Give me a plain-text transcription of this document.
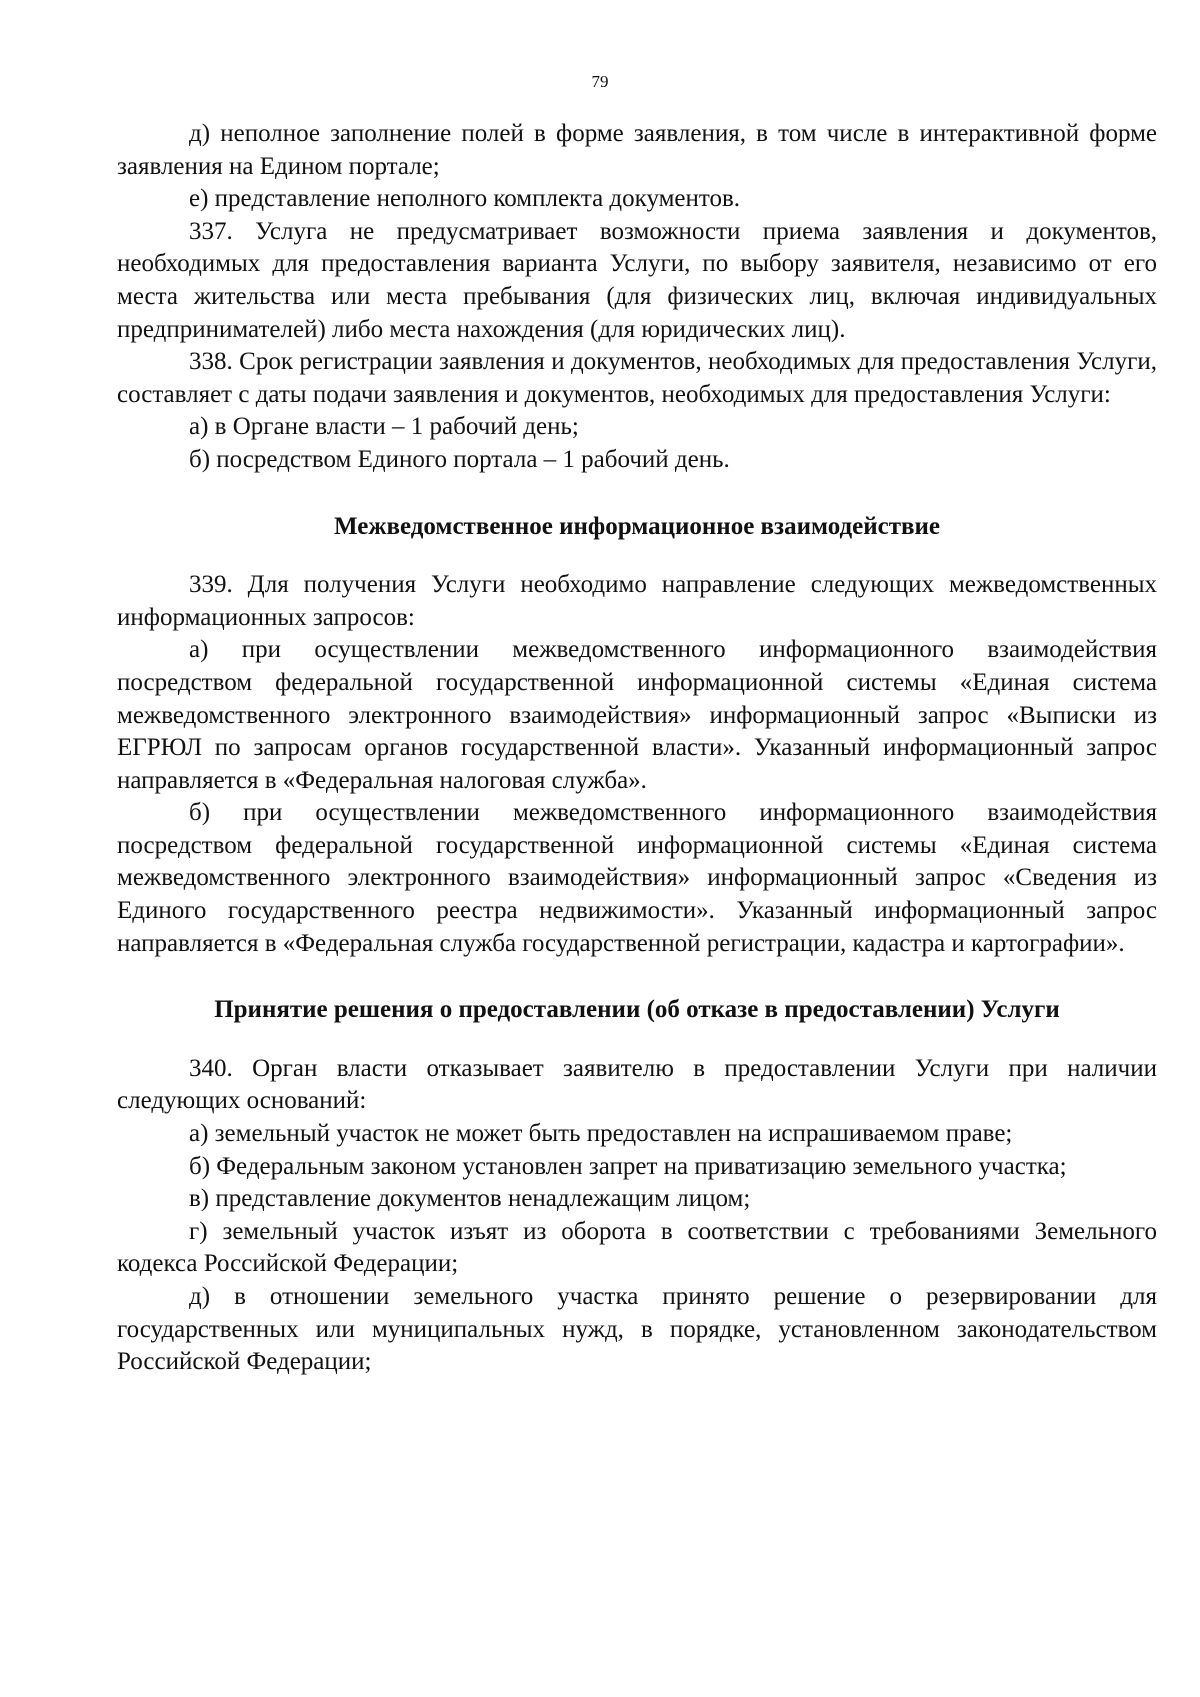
79

д) неполное заполнение полей в форме заявления, в том числе в интерактивной форме заявления на Едином портале;

е) представление неполного комплекта документов.

337. Услуга не предусматривает возможности приема заявления и документов, необходимых для предоставления варианта Услуги, по выбору заявителя, независимо от его места жительства или места пребывания (для физических лиц, включая индивидуальных предпринимателей) либо места нахождения (для юридических лиц).

338. Срок регистрации заявления и документов, необходимых для предоставления Услуги, составляет с даты подачи заявления и документов, необходимых для предоставления Услуги:

а) в Органе власти – 1 рабочий день;

б) посредством Единого портала – 1 рабочий день.

Межведомственное информационное взаимодействие

339. Для получения Услуги необходимо направление следующих межведомственных информационных запросов:

а) при осуществлении межведомственного информационного взаимодействия посредством федеральной государственной информационной системы «Единая система межведомственного электронного взаимодействия» информационный запрос «Выписки из ЕГРЮЛ по запросам органов государственной власти». Указанный информационный запрос направляется в «Федеральная налоговая служба».

б) при осуществлении межведомственного информационного взаимодействия посредством федеральной государственной информационной системы «Единая система межведомственного электронного взаимодействия» информационный запрос «Сведения из Единого государственного реестра недвижимости». Указанный информационный запрос направляется в «Федеральная служба государственной регистрации, кадастра и картографии».

Принятие решения о предоставлении (об отказе в предоставлении) Услуги

340. Орган власти отказывает заявителю в предоставлении Услуги при наличии следующих оснований:

а) земельный участок не может быть предоставлен на испрашиваемом праве;

б) Федеральным законом установлен запрет на приватизацию земельного участка;

в) представление документов ненадлежащим лицом;

г) земельный участок изъят из оборота в соответствии с требованиями Земельного кодекса Российской Федерации;

д) в отношении земельного участка принято решение о резервировании для государственных или муниципальных нужд, в порядке, установленном законодательством Российской Федерации;
